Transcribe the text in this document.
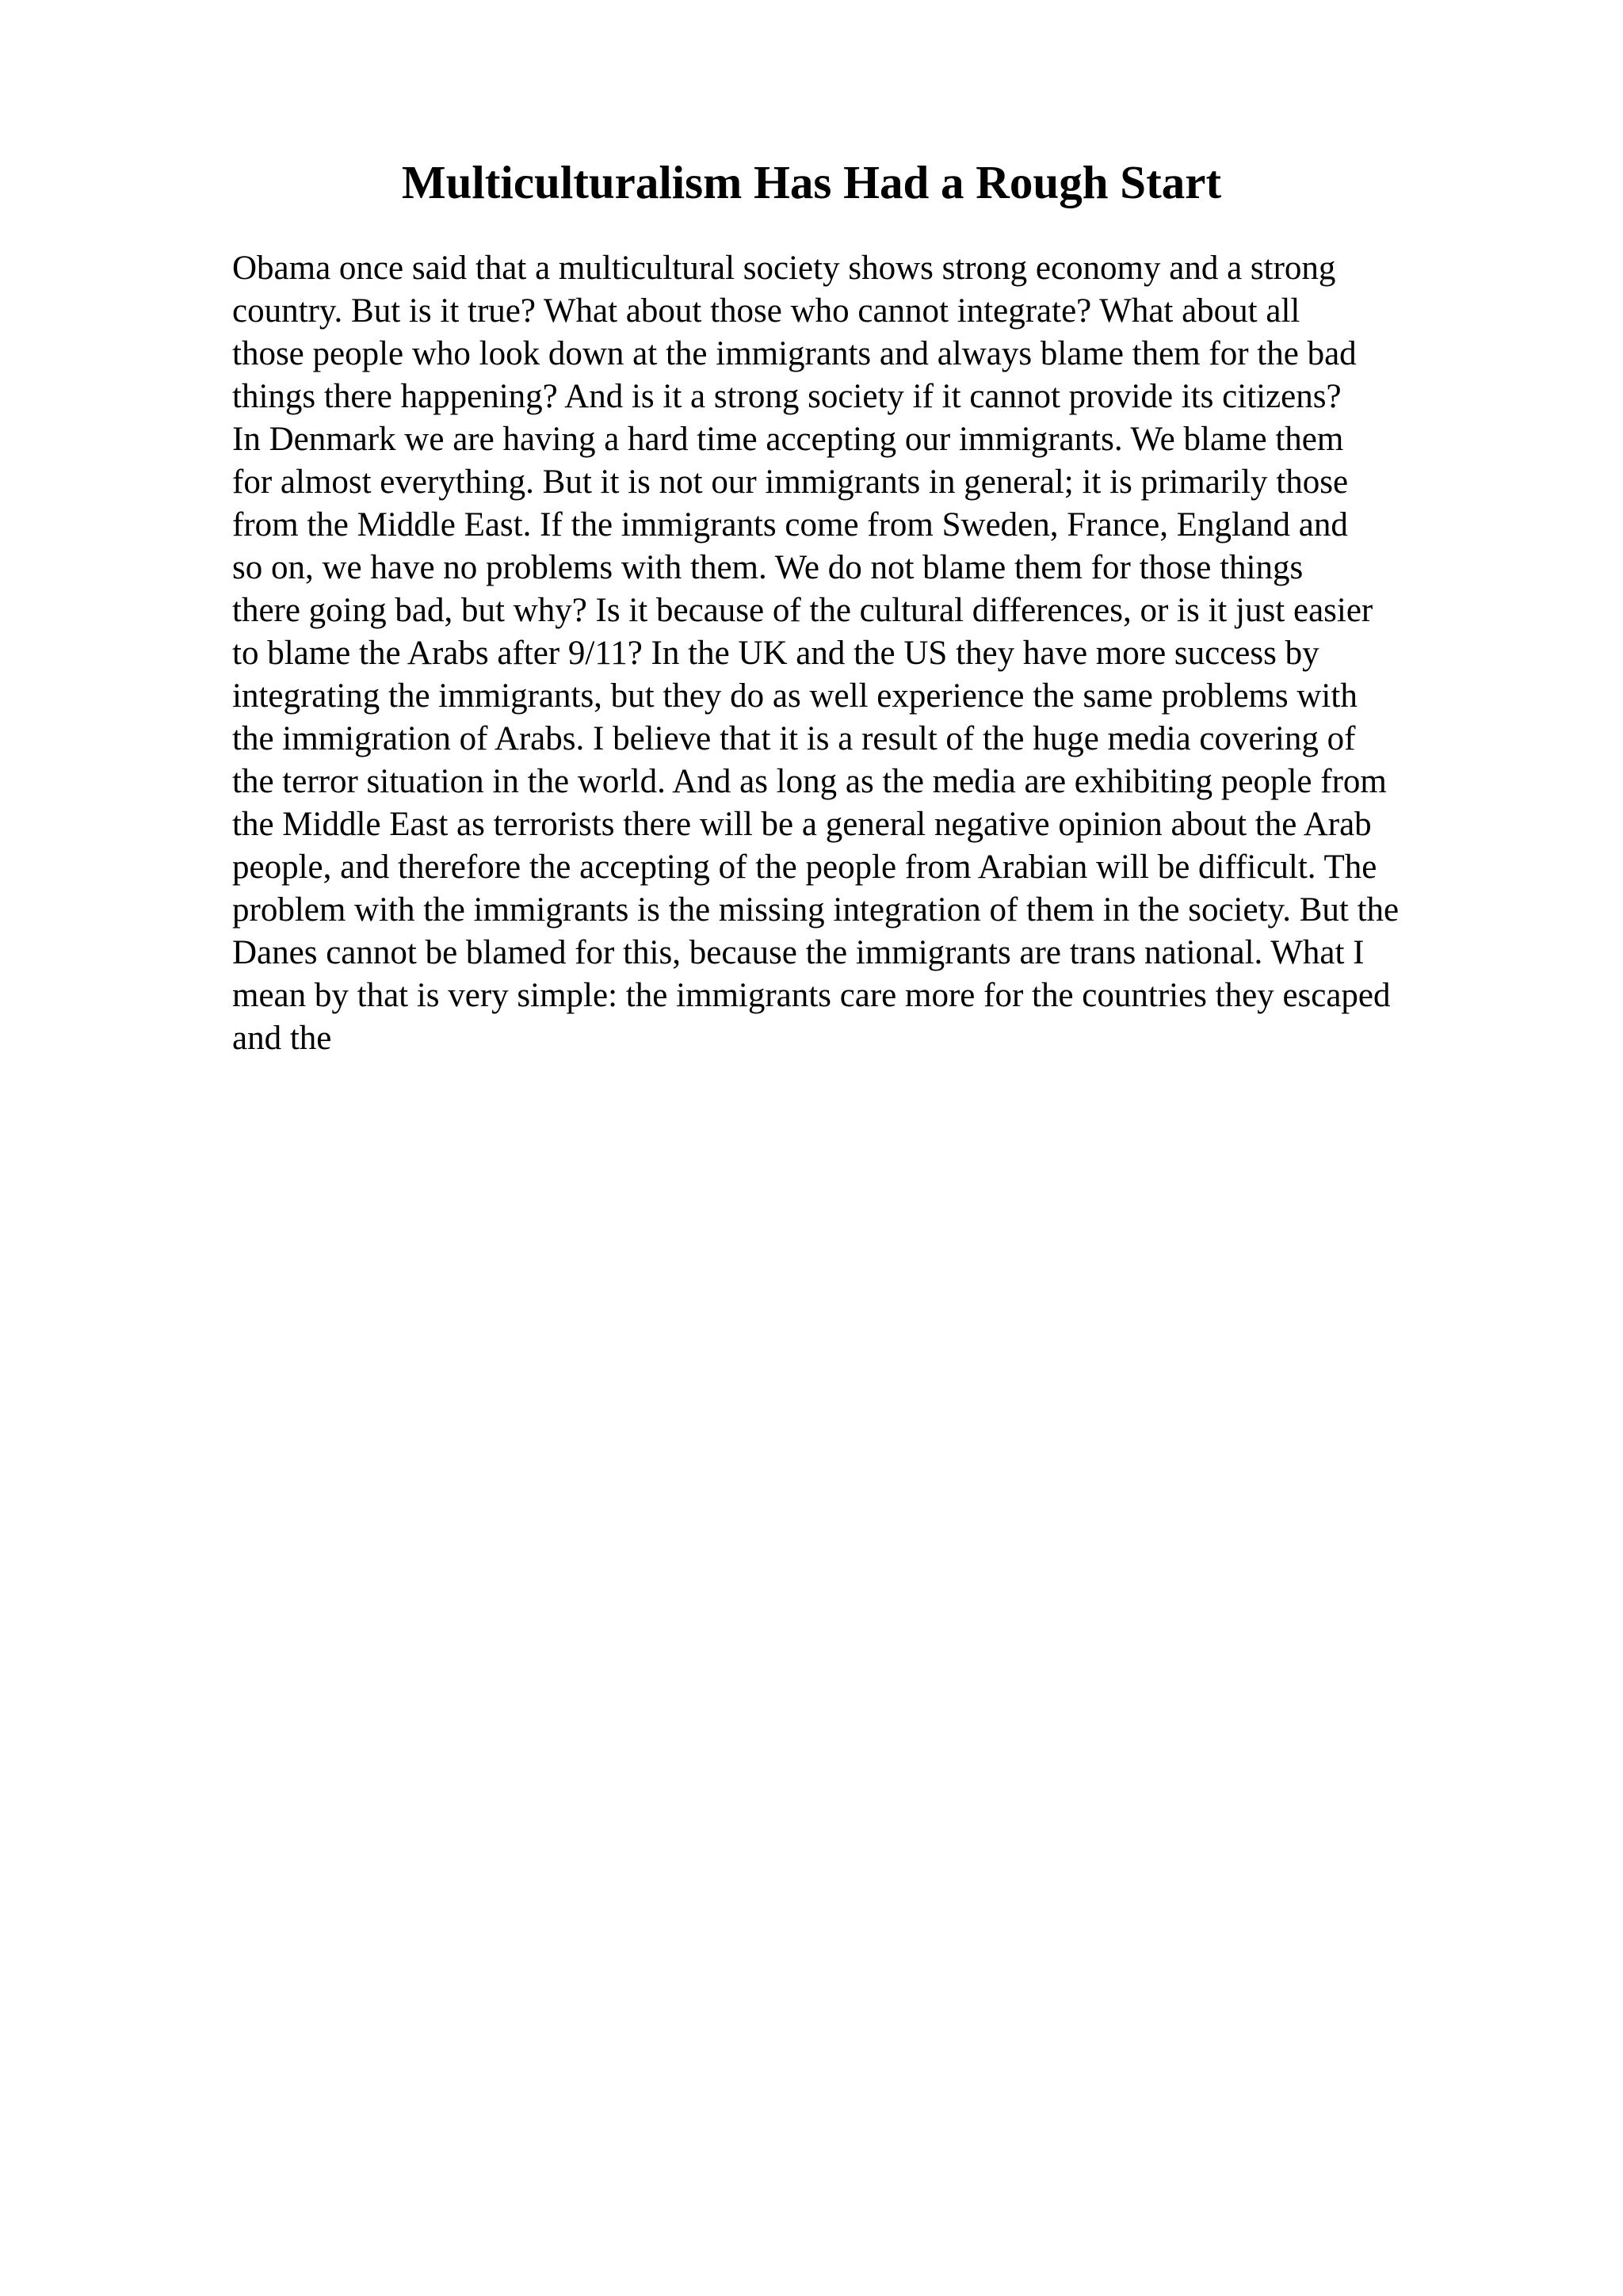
Multiculturalism Has Had a Rough Start
Obama once said that a multicultural society shows strong economy and a strong
country. But is it true? What about those who cannot integrate? What about all
those people who look down at the immigrants and always blame them for the bad
things there happening? And is it a strong society if it cannot provide its citizens?
In Denmark we are having a hard time accepting our immigrants. We blame them
for almost everything. But it is not our immigrants in general; it is primarily those
from the Middle East. If the immigrants come from Sweden, France, England and
so on, we have no problems with them. We do not blame them for those things
there going bad, but why? Is it because of the cultural differences, or is it just easier
to blame the Arabs after 9/11? In the UK and the US they have more success by
integrating the immigrants, but they do as well experience the same problems with
the immigration of Arabs. I believe that it is a result of the huge media covering of
the terror situation in the world. And as long as the media are exhibiting people from
the Middle East as terrorists there will be a general negative opinion about the Arab
people, and therefore the accepting of the people from Arabian will be difficult. The
problem with the immigrants is the missing integration of them in the society. But the
Danes cannot be blamed for this, because the immigrants are trans national. What I
mean by that is very simple: the immigrants care more for the countries they escaped
and the
